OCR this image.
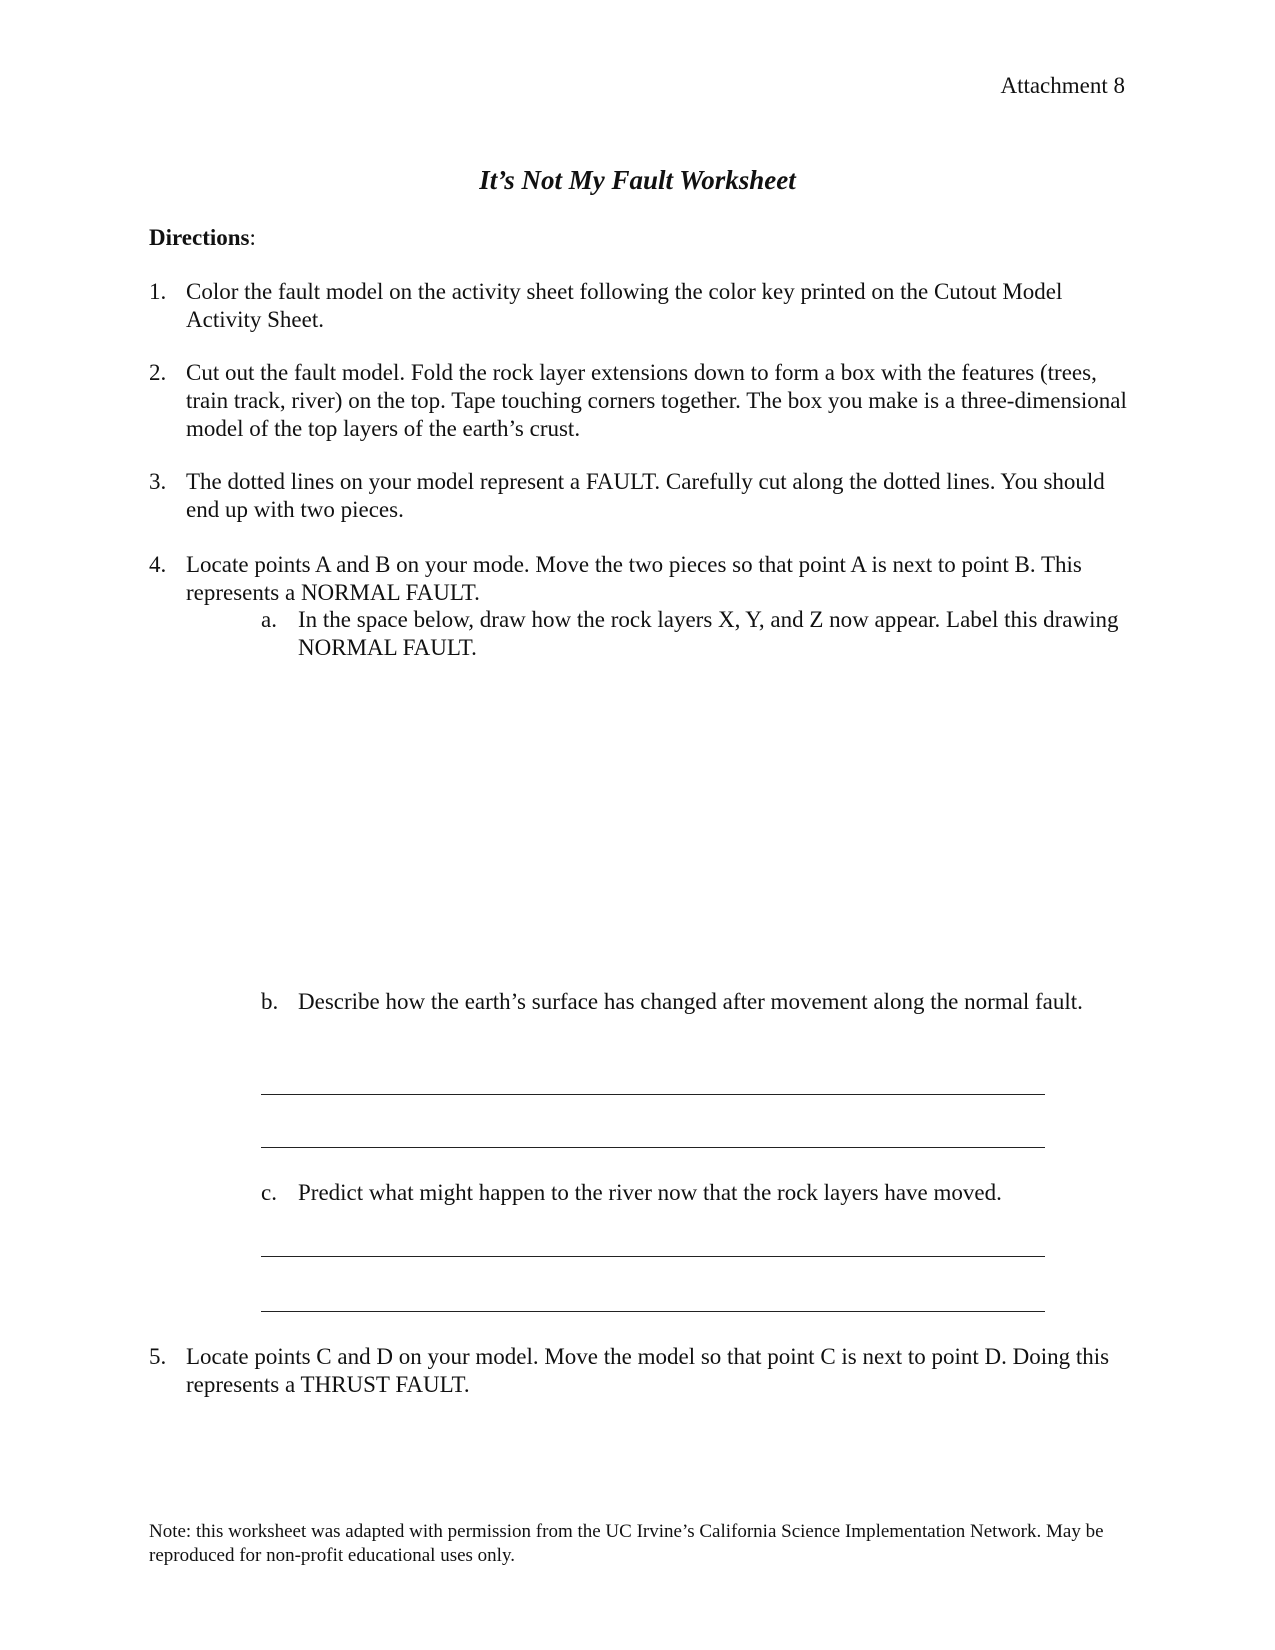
Attachment 8
It’s Not My Fault Worksheet
Directions:
1. Color the fault model on the activity sheet following the color key printed on the Cutout Model Activity Sheet.
2. Cut out the fault model. Fold the rock layer extensions down to form a box with the features (trees, train track, river) on the top. Tape touching corners together. The box you make is a three-dimensional model of the top layers of the earth’s crust.
3. The dotted lines on your model represent a FAULT. Carefully cut along the dotted lines. You should end up with two pieces.
4. Locate points A and B on your mode. Move the two pieces so that point A is next to point B. This represents a NORMAL FAULT.
a. In the space below, draw how the rock layers X, Y, and Z now appear. Label this drawing NORMAL FAULT.
b. Describe how the earth’s surface has changed after movement along the normal fault.
c. Predict what might happen to the river now that the rock layers have moved.
5. Locate points C and D on your model. Move the model so that point C is next to point D. Doing this represents a THRUST FAULT.
Note: this worksheet was adapted with permission from the UC Irvine’s California Science Implementation Network. May be reproduced for non-profit educational uses only.
